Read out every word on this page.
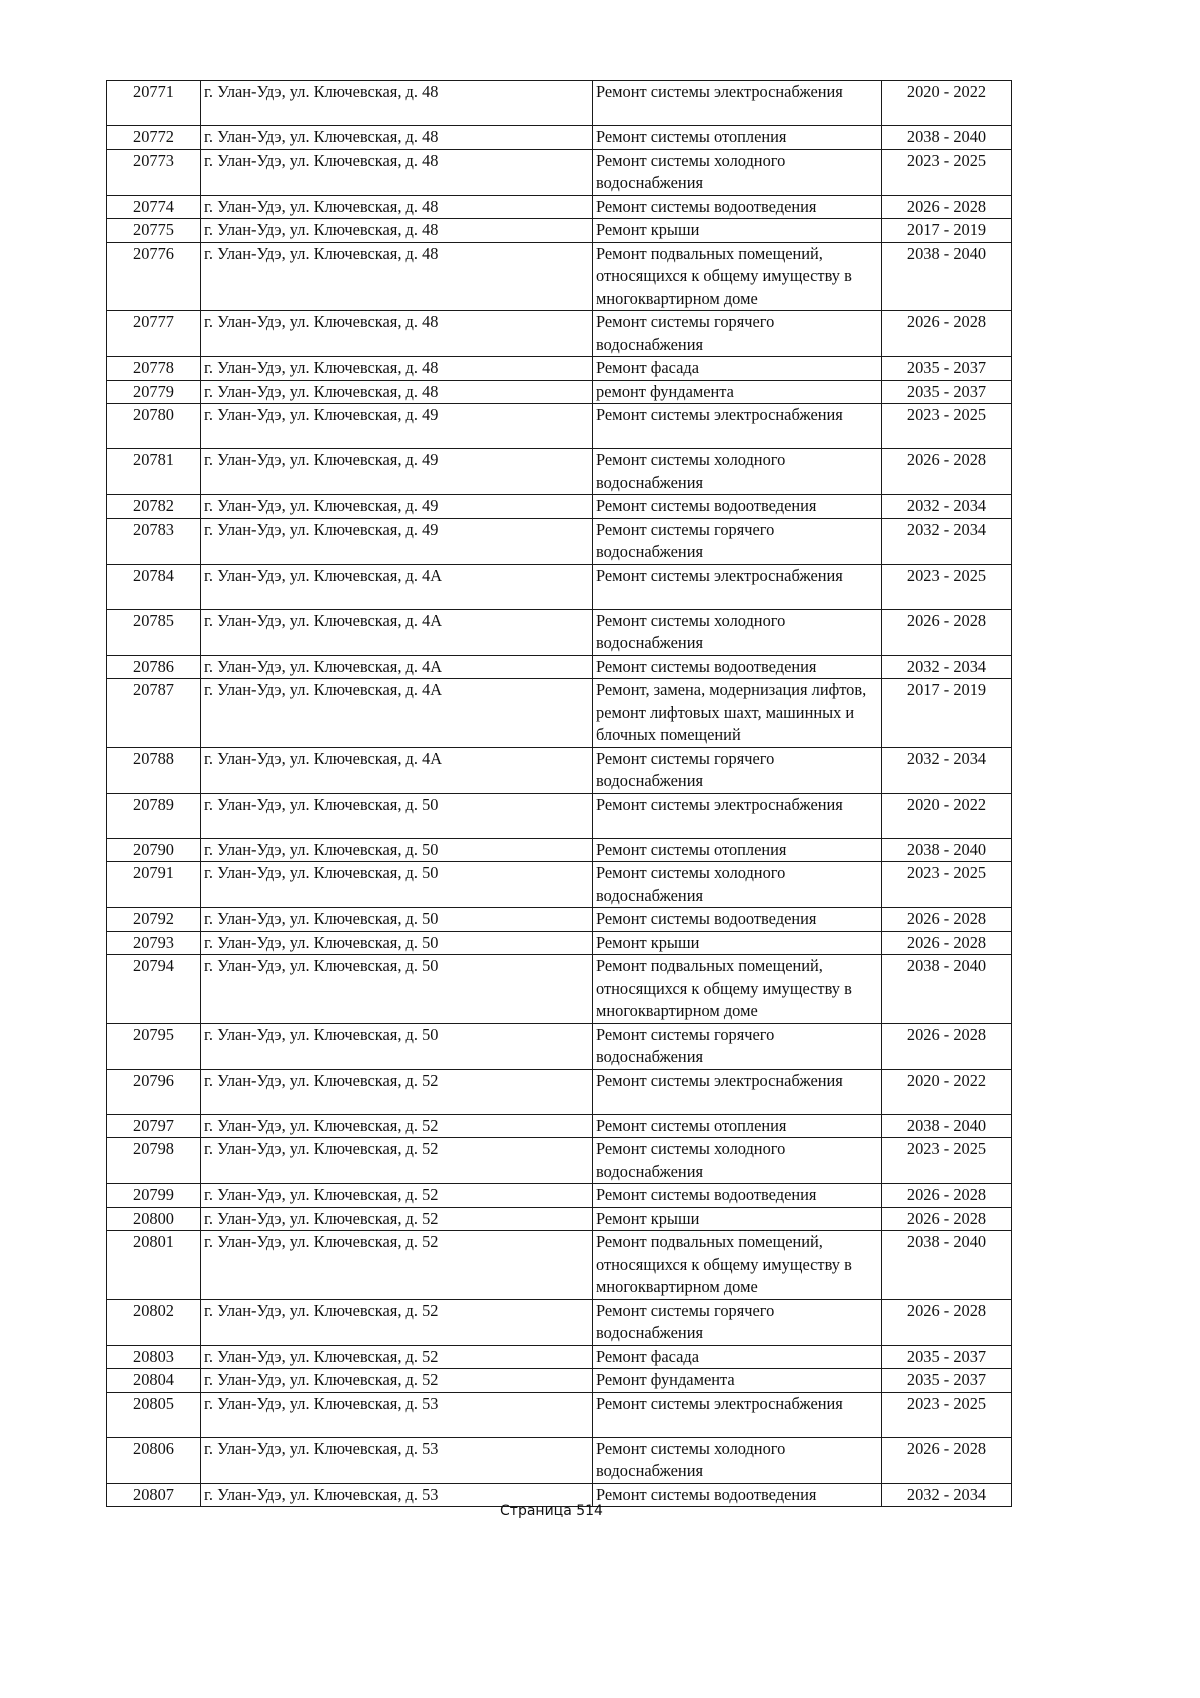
20771	г. Улан-Удэ, ул. Ключевская, д. 48	Ремонт системы электроснабжения	2020 - 2022
20772	г. Улан-Удэ, ул. Ключевская, д. 48	Ремонт системы отопления	2038 - 2040
20773	г. Улан-Удэ, ул. Ключевская, д. 48	Ремонт системы холодного водоснабжения	2023 - 2025
20774	г. Улан-Удэ, ул. Ключевская, д. 48	Ремонт системы водоотведения	2026 - 2028
20775	г. Улан-Удэ, ул. Ключевская, д. 48	Ремонт крыши	2017 - 2019
20776	г. Улан-Удэ, ул. Ключевская, д. 48	Ремонт подвальных помещений, относящихся к общему имуществу в многоквартирном доме	2038 - 2040
20777	г. Улан-Удэ, ул. Ключевская, д. 48	Ремонт системы горячего водоснабжения	2026 - 2028
20778	г. Улан-Удэ, ул. Ключевская, д. 48	Ремонт фасада	2035 - 2037
20779	г. Улан-Удэ, ул. Ключевская, д. 48	ремонт фундамента	2035 - 2037
20780	г. Улан-Удэ, ул. Ключевская, д. 49	Ремонт системы электроснабжения	2023 - 2025
20781	г. Улан-Удэ, ул. Ключевская, д. 49	Ремонт системы холодного водоснабжения	2026 - 2028
20782	г. Улан-Удэ, ул. Ключевская, д. 49	Ремонт системы водоотведения	2032 - 2034
20783	г. Улан-Удэ, ул. Ключевская, д. 49	Ремонт системы горячего водоснабжения	2032 - 2034
20784	г. Улан-Удэ, ул. Ключевская, д. 4А	Ремонт системы электроснабжения	2023 - 2025
20785	г. Улан-Удэ, ул. Ключевская, д. 4А	Ремонт системы холодного водоснабжения	2026 - 2028
20786	г. Улан-Удэ, ул. Ключевская, д. 4А	Ремонт системы водоотведения	2032 - 2034
20787	г. Улан-Удэ, ул. Ключевская, д. 4А	Ремонт, замена, модернизация лифтов, ремонт лифтовых шахт, машинных и блочных помещений	2017 - 2019
20788	г. Улан-Удэ, ул. Ключевская, д. 4А	Ремонт системы горячего водоснабжения	2032 - 2034
20789	г. Улан-Удэ, ул. Ключевская, д. 50	Ремонт системы электроснабжения	2020 - 2022
20790	г. Улан-Удэ, ул. Ключевская, д. 50	Ремонт системы отопления	2038 - 2040
20791	г. Улан-Удэ, ул. Ключевская, д. 50	Ремонт системы холодного водоснабжения	2023 - 2025
20792	г. Улан-Удэ, ул. Ключевская, д. 50	Ремонт системы водоотведения	2026 - 2028
20793	г. Улан-Удэ, ул. Ключевская, д. 50	Ремонт крыши	2026 - 2028
20794	г. Улан-Удэ, ул. Ключевская, д. 50	Ремонт подвальных помещений, относящихся к общему имуществу в многоквартирном доме	2038 - 2040
20795	г. Улан-Удэ, ул. Ключевская, д. 50	Ремонт системы горячего водоснабжения	2026 - 2028
20796	г. Улан-Удэ, ул. Ключевская, д. 52	Ремонт системы электроснабжения	2020 - 2022
20797	г. Улан-Удэ, ул. Ключевская, д. 52	Ремонт системы отопления	2038 - 2040
20798	г. Улан-Удэ, ул. Ключевская, д. 52	Ремонт системы холодного водоснабжения	2023 - 2025
20799	г. Улан-Удэ, ул. Ключевская, д. 52	Ремонт системы водоотведения	2026 - 2028
20800	г. Улан-Удэ, ул. Ключевская, д. 52	Ремонт крыши	2026 - 2028
20801	г. Улан-Удэ, ул. Ключевская, д. 52	Ремонт подвальных помещений, относящихся к общему имуществу в многоквартирном доме	2038 - 2040
20802	г. Улан-Удэ, ул. Ключевская, д. 52	Ремонт системы горячего водоснабжения	2026 - 2028
20803	г. Улан-Удэ, ул. Ключевская, д. 52	Ремонт фасада	2035 - 2037
20804	г. Улан-Удэ, ул. Ключевская, д. 52	Ремонт фундамента	2035 - 2037
20805	г. Улан-Удэ, ул. Ключевская, д. 53	Ремонт системы электроснабжения	2023 - 2025
20806	г. Улан-Удэ, ул. Ключевская, д. 53	Ремонт системы холодного водоснабжения	2026 - 2028
20807	г. Улан-Удэ, ул. Ключевская, д. 53	Ремонт системы водоотведения	2032 - 2034
Страница 514
